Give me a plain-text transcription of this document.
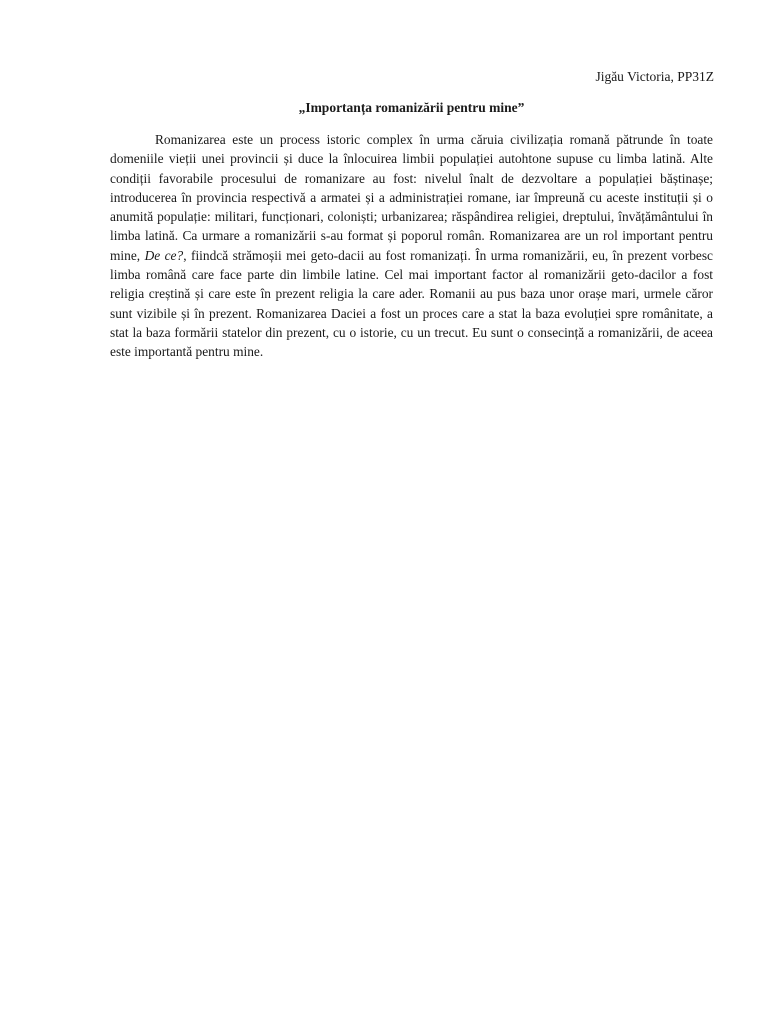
Jigău Victoria, PP31Z
„Importanța romanizării pentru mine”

Romanizarea este un process istoric complex în urma căruia civilizația romană pătrunde în toate domeniile vieții unei provincii și duce la înlocuirea limbii populației autohtone supuse cu limba latină. Alte condiții favorabile procesului de romanizare au fost: nivelul înalt de dezvoltare a populației băștinașe; introducerea în provincia respectivă a armatei și a administrației romane, iar împreună cu aceste instituții și o anumită populație: militari, funcționari, coloniști; urbanizarea; răspândirea religiei, dreptului, învățământului în limba latină. Ca urmare a romanizării s-au format și poporul român. Romanizarea are un rol important pentru mine, De ce?, fiindcă strămoșii mei geto-dacii au fost romanizați. În urma romanizării, eu, în prezent vorbesc limba română care face parte din limbile latine. Cel mai important factor al romanizării geto-dacilor a fost religia creștină și care este în prezent religia la care ader. Romanii au pus baza unor orașe mari, urmele căror sunt vizibile și în prezent. Romanizarea Daciei a fost un proces care a stat la baza evoluției spre românitate, a stat la baza formării statelor din prezent, cu o istorie, cu un trecut. Eu sunt o consecință a romanizării, de aceea este importantă pentru mine.
